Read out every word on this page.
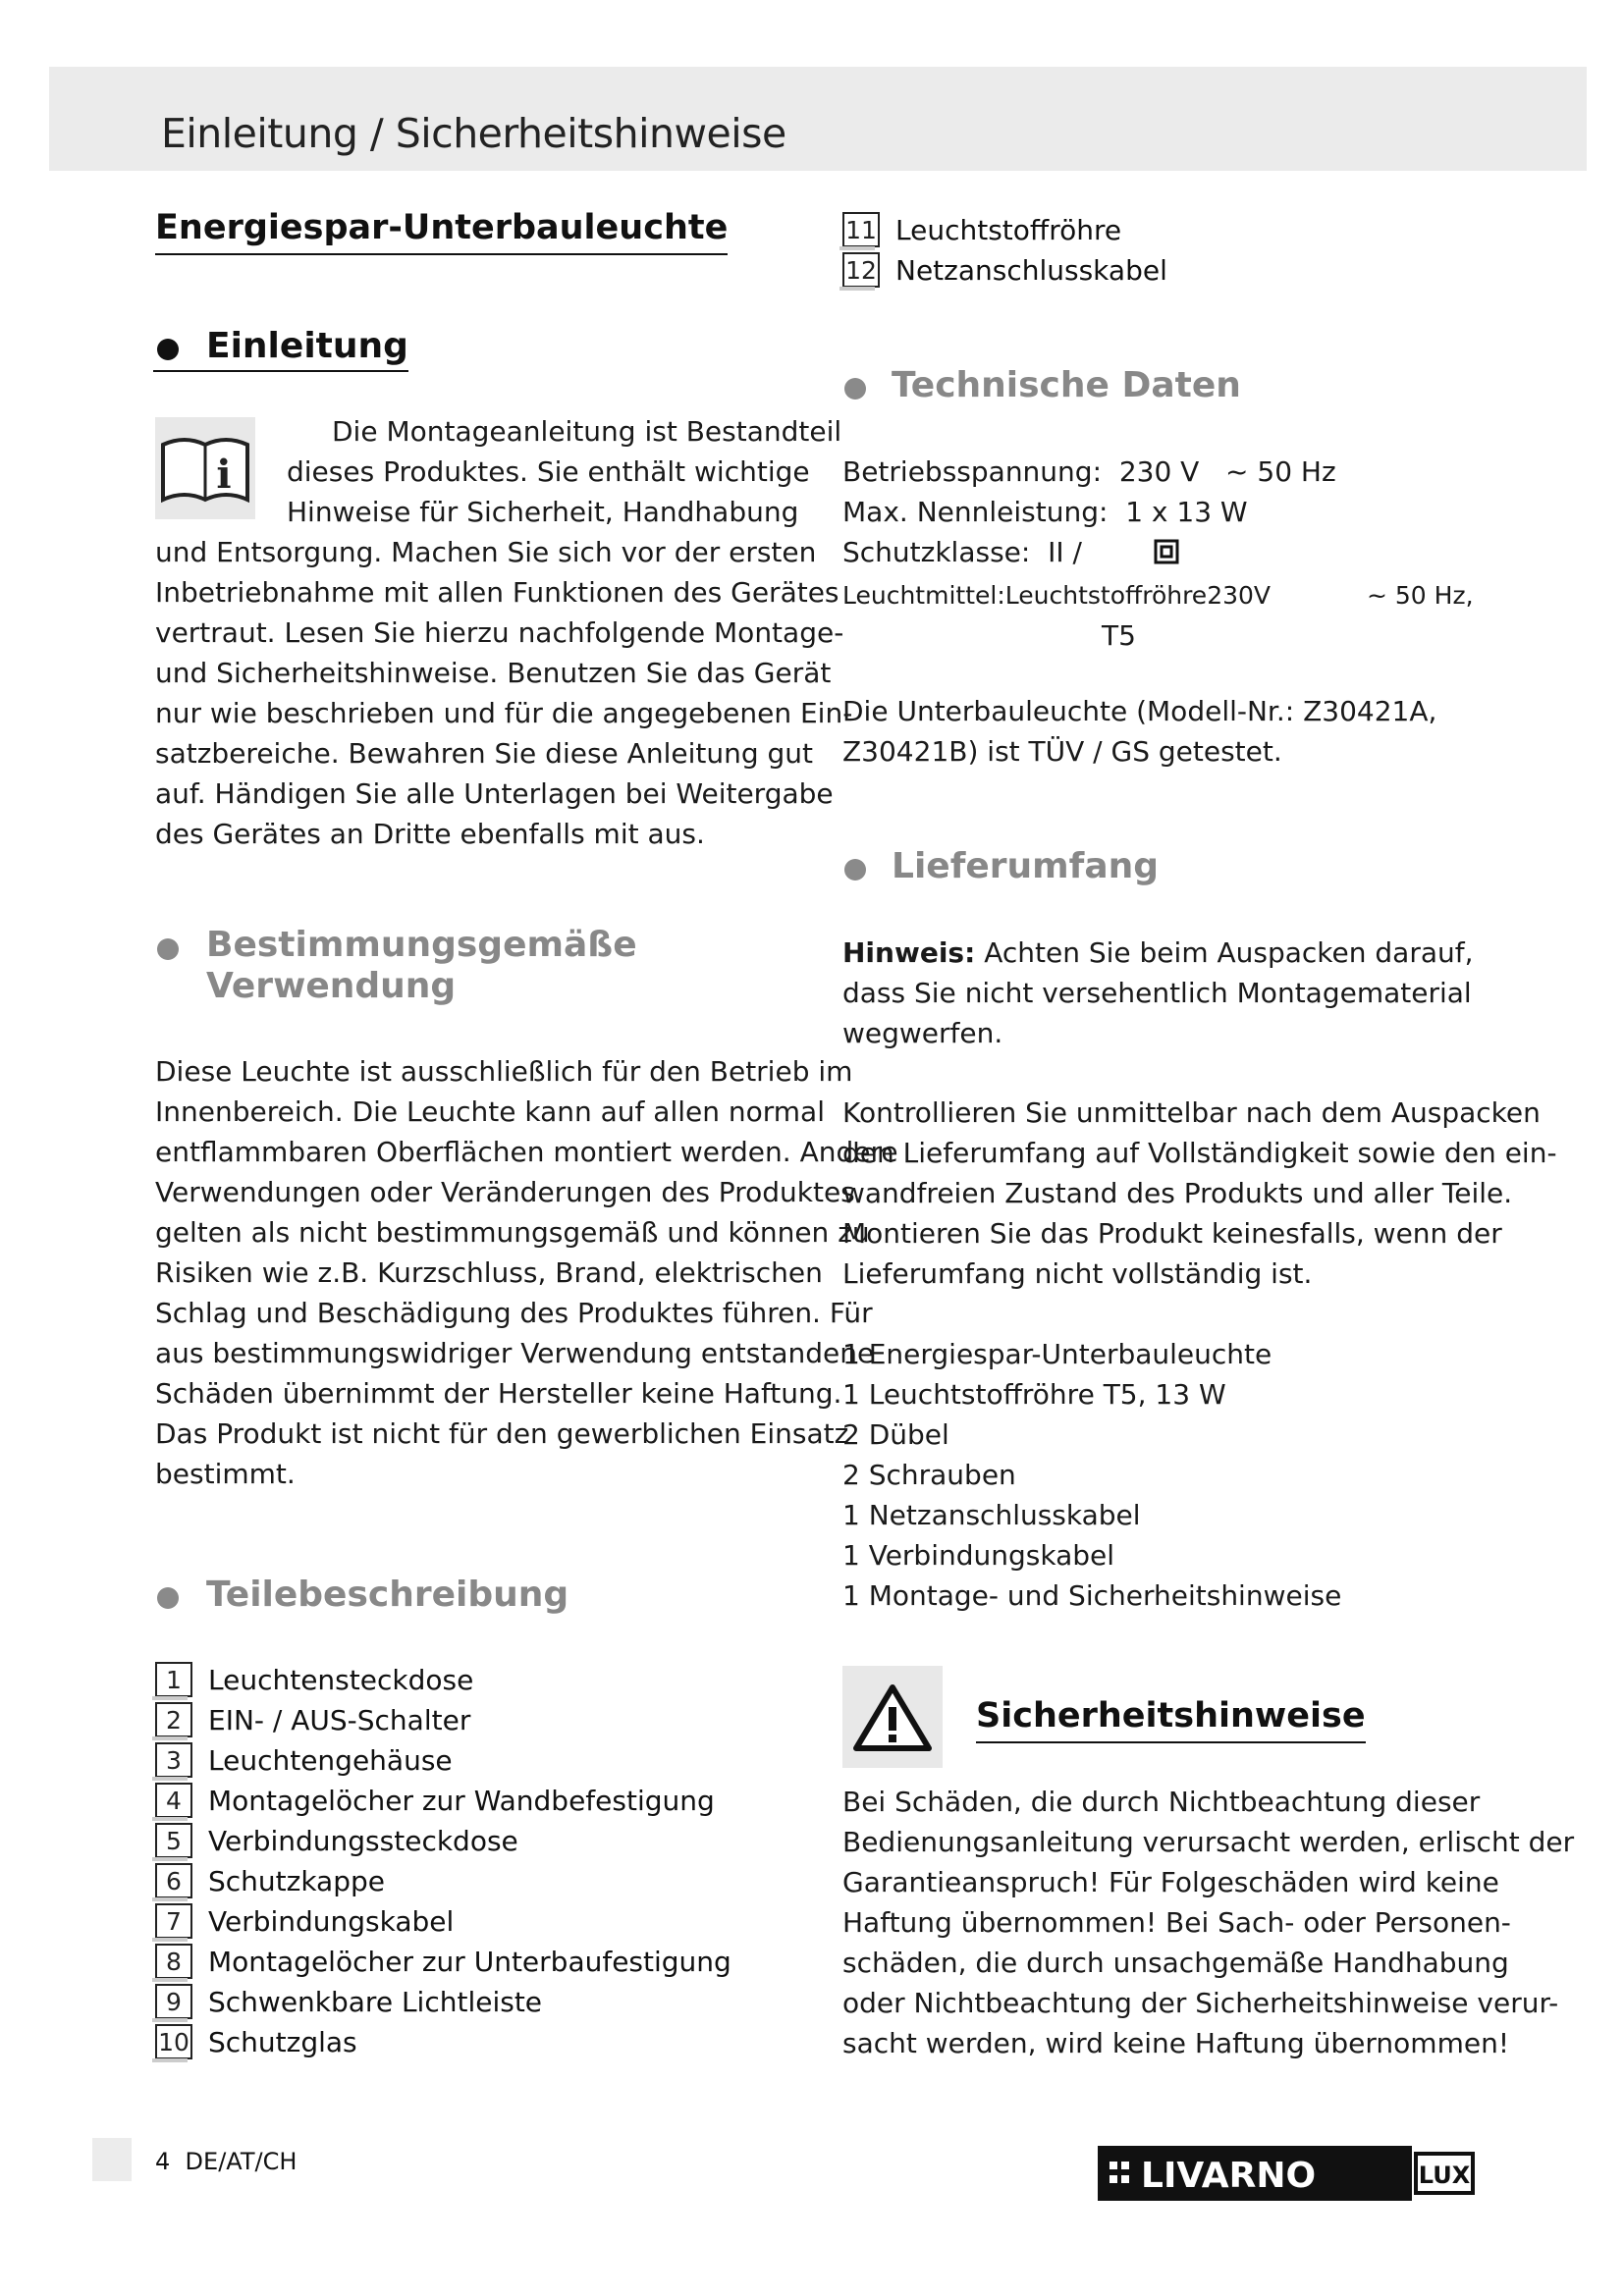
Einleitung / Sicherheitshinweise
Energiespar-Unterbauleuchte
Einleitung
i
Die Montageanleitung ist Bestandteil
dieses Produktes. Sie enthält wichtige
Hinweise für Sicherheit, Handhabung
und Entsorgung. Machen Sie sich vor der ersten
Inbetriebnahme mit allen Funktionen des Gerätes
vertraut. Lesen Sie hierzu nachfolgende Montage-
und Sicherheitshinweise. Benutzen Sie das Gerät
nur wie beschrieben und für die angegebenen Ein-
satzbereiche. Bewahren Sie diese Anleitung gut
auf. Händigen Sie alle Unterlagen bei Weitergabe
des Gerätes an Dritte ebenfalls mit aus.
Bestimmungsgemäße
Verwendung
Diese Leuchte ist ausschließlich für den Betrieb im
Innenbereich. Die Leuchte kann auf allen normal
entflammbaren Oberflächen montiert werden. Andere
Verwendungen oder Veränderungen des Produktes
gelten als nicht bestimmungsgemäß und können zu
Risiken wie z.B. Kurzschluss, Brand, elektrischen
Schlag und Beschädigung des Produktes führen. Für
aus bestimmungswidriger Verwendung entstandene
Schäden übernimmt der Hersteller keine Haftung.
Das Produkt ist nicht für den gewerblichen Einsatz
bestimmt.
Teilebeschreibung
1 Leuchtensteckdose
2 EIN- / AUS-Schalter
3 Leuchtengehäuse
4 Montagelöcher zur Wandbefestigung
5 Verbindungssteckdose
6 Schutzkappe
7 Verbindungskabel
8 Montagelöcher zur Unterbaufestigung
9 Schwenkbare Lichtleiste
10 Schutzglas
11 Leuchtstoffröhre
12 Netzanschlusskabel
Technische Daten
Betriebsspannung: 230 V ~ 50 Hz
Max. Nennleistung: 1 x 13 W
Schutzklasse: II /
Leuchtmittel:Leuchtstoffröhre230V	~ 50 Hz,
T5
Die Unterbauleuchte (Modell-Nr.: Z30421A,
Z30421B) ist TÜV / GS getestet.
Lieferumfang
Hinweis: Achten Sie beim Auspacken darauf,
dass Sie nicht versehentlich Montagematerial
wegwerfen.
Kontrollieren Sie unmittelbar nach dem Auspacken
den Lieferumfang auf Vollständigkeit sowie den ein-
wandfreien Zustand des Produkts und aller Teile.
Montieren Sie das Produkt keinesfalls, wenn der
Lieferumfang nicht vollständig ist.
1 Energiespar-Unterbauleuchte
1 Leuchtstoffröhre T5, 13 W
2 Dübel
2 Schrauben
1 Netzanschlusskabel
1 Verbindungskabel
1 Montage- und Sicherheitshinweise
Sicherheitshinweise
Bei Schäden, die durch Nichtbeachtung dieser
Bedienungsanleitung verursacht werden, erlischt der
Garantieanspruch! Für Folgeschäden wird keine
Haftung übernommen! Bei Sach- oder Personen-
schäden, die durch unsachgemäße Handhabung
oder Nichtbeachtung der Sicherheitshinweise verur-
sacht werden, wird keine Haftung übernommen!
4 DE/AT/CH	LIVARNO	LUX
